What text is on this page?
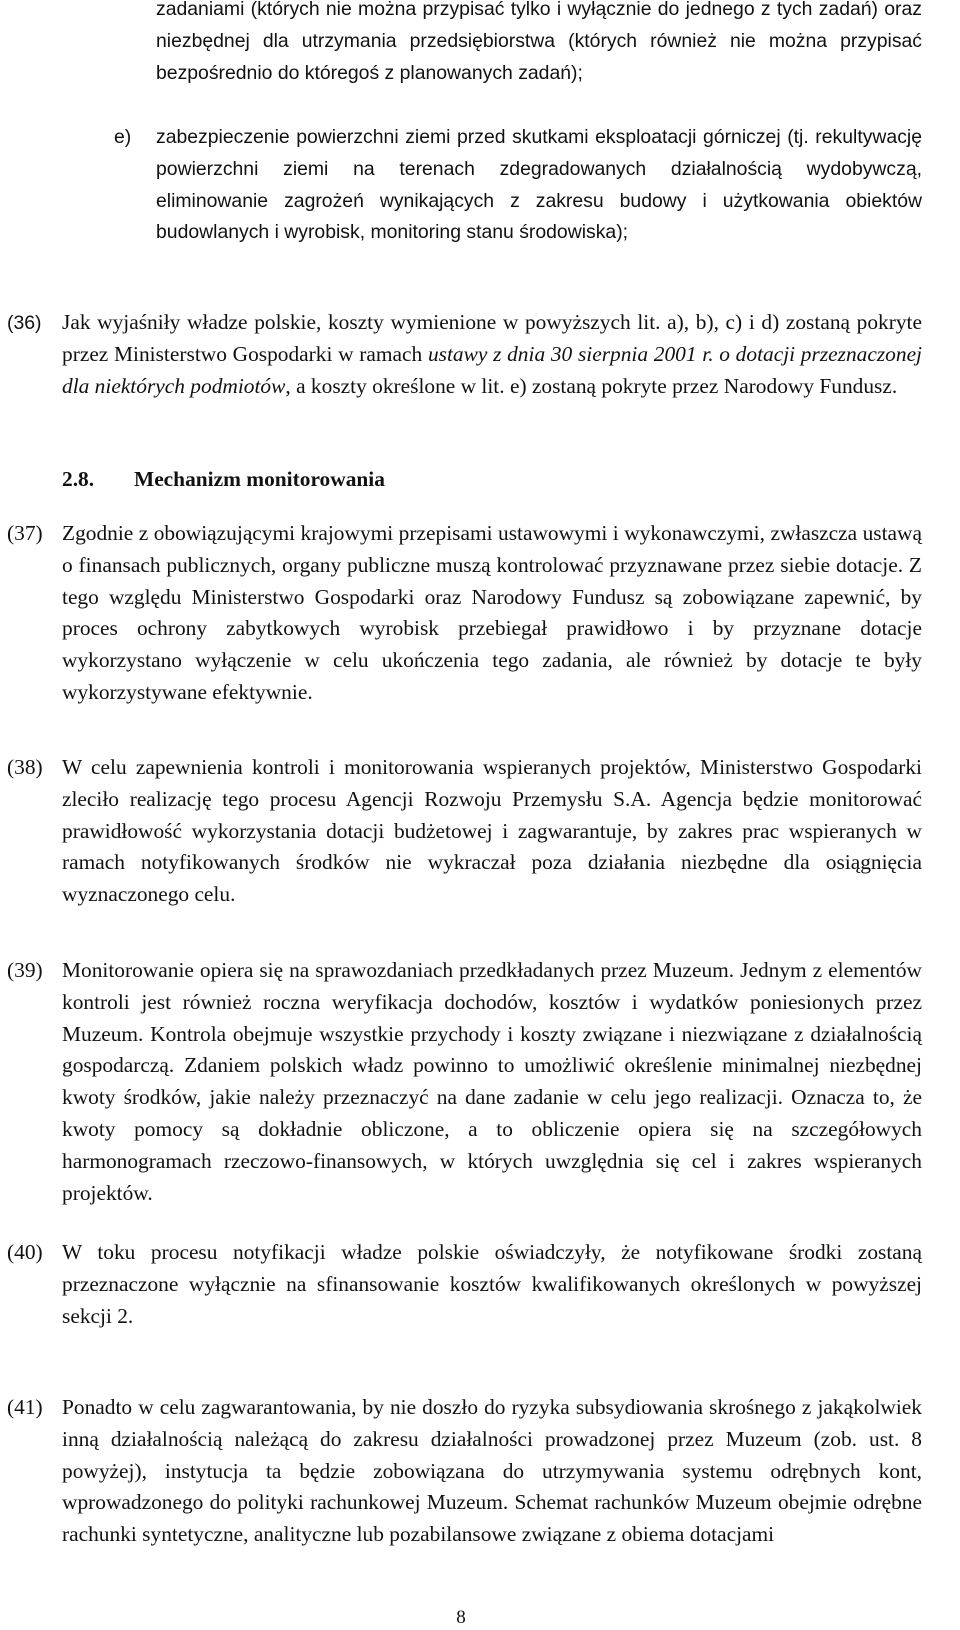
zadaniami (których nie można przypisać tylko i wyłącznie do jednego z tych zadań) oraz niezbędnej dla utrzymania przedsiębiorstwa (których również nie można przypisać bezpośrednio do któregoś z planowanych zadań);

e) zabezpieczenie powierzchni ziemi przed skutkami eksploatacji górniczej (tj. rekultywację powierzchni ziemi na terenach zdegradowanych działalnością wydobywczą, eliminowanie zagrożeń wynikających z zakresu budowy i użytkowania obiektów budowlanych i wyrobisk, monitoring stanu środowiska);

(36) Jak wyjaśniły władze polskie, koszty wymienione w powyższych lit. a), b), c) i d) zostaną pokryte przez Ministerstwo Gospodarki w ramach ustawy z dnia 30 sierpnia 2001 r. o dotacji przeznaczonej dla niektórych podmiotów, a koszty określone w lit. e) zostaną pokryte przez Narodowy Fundusz.

2.8. Mechanizm monitorowania
(37) Zgodnie z obowiązującymi krajowymi przepisami ustawowymi i wykonawczymi, zwłaszcza ustawą o finansach publicznych, organy publiczne muszą kontrolować przyznawane przez siebie dotacje. Z tego względu Ministerstwo Gospodarki oraz Narodowy Fundusz są zobowiązane zapewnić, by proces ochrony zabytkowych wyrobisk przebiegał prawidłowo i by przyznane dotacje wykorzystano wyłączenie w celu ukończenia tego zadania, ale również by dotacje te były wykorzystywane efektywnie.

(38) W celu zapewnienia kontroli i monitorowania wspieranych projektów, Ministerstwo Gospodarki zleciło realizację tego procesu Agencji Rozwoju Przemysłu S.A. Agencja będzie monitorować prawidłowość wykorzystania dotacji budżetowej i zagwarantuje, by zakres prac wspieranych w ramach notyfikowanych środków nie wykraczał poza działania niezbędne dla osiągnięcia wyznaczonego celu.

(39) Monitorowanie opiera się na sprawozdaniach przedkładanych przez Muzeum. Jednym z elementów kontroli jest również roczna weryfikacja dochodów, kosztów i wydatków poniesionych przez Muzeum. Kontrola obejmuje wszystkie przychody i koszty związane i niezwiązane z działalnością gospodarczą. Zdaniem polskich władz powinno to umożliwić określenie minimalnej niezbędnej kwoty środków, jakie należy przeznaczyć na dane zadanie w celu jego realizacji. Oznacza to, że kwoty pomocy są dokładnie obliczone, a to obliczenie opiera się na szczegółowych harmonogramach rzeczowo-finansowych, w których uwzględnia się cel i zakres wspieranych projektów.

(40) W toku procesu notyfikacji władze polskie oświadczyły, że notyfikowane środki zostaną przeznaczone wyłącznie na sfinansowanie kosztów kwalifikowanych określonych w powyższej sekcji 2.

(41) Ponadto w celu zagwarantowania, by nie doszło do ryzyka subsydiowania skrośnego z jakąkolwiek inną działalnością należącą do zakresu działalności prowadzonej przez Muzeum (zob. ust. 8 powyżej), instytucja ta będzie zobowiązana do utrzymywania systemu odrębnych kont, wprowadzonego do polityki rachunkowej Muzeum. Schemat rachunków Muzeum obejmie odrębne rachunki syntetyczne, analityczne lub pozabilansowe związane z obiema dotacjami

8
